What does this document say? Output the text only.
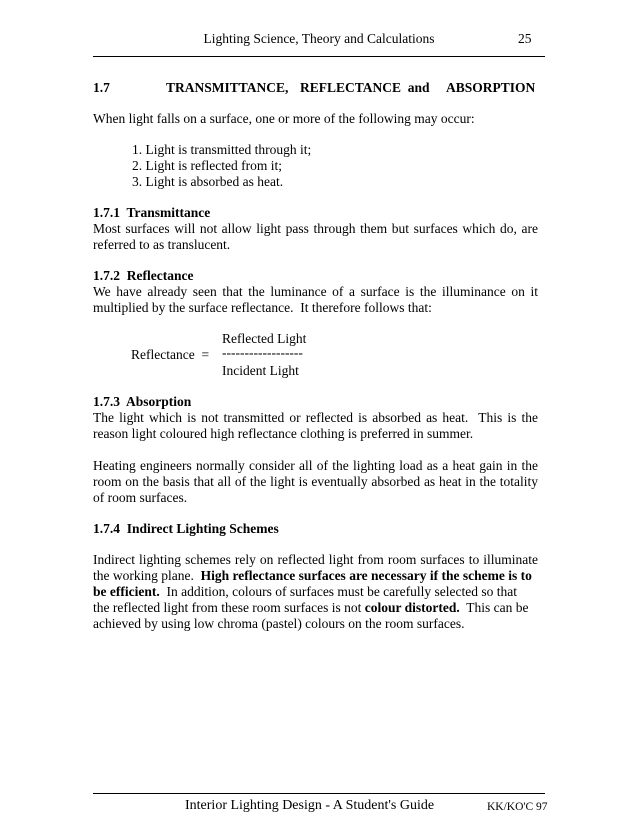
Lighting Science, Theory and Calculations	25
1.7	TRANSMITTANCE, REFLECTANCE  and ABSORPTION
When light falls on a surface, one or more of the following may occur:
1. Light is transmitted through it;
2. Light is reflected from it;
3. Light is absorbed as heat.
1.7.1  Transmittance
Most surfaces will not allow light pass through them but surfaces which do, are
referred to as translucent.
1.7.2  Reflectance
We have already seen that the luminance of a surface is the illuminance on it
multiplied by the surface reflectance.  It therefore follows that:
Reflected Light
Reflectance  = ------------------
Incident Light
1.7.3  Absorption
The light which is not transmitted or reflected is absorbed as heat.  This is the
reason light coloured high reflectance clothing is preferred in summer.
Heating engineers normally consider all of the lighting load as a heat gain in the
room on the basis that all of the light is eventually absorbed as heat in the totality
of room surfaces.
1.7.4  Indirect Lighting Schemes
Indirect lighting schemes rely on reflected light from room surfaces to illuminate
the working plane.  High reflectance surfaces are necessary if the scheme is to
be efficient.  In addition, colours of surfaces must be carefully selected so that
the reflected light from these room surfaces is not colour distorted.  This can be
achieved by using low chroma (pastel) colours on the room surfaces.
Interior Lighting Design - A Student's Guide	KK/KO'C 97
